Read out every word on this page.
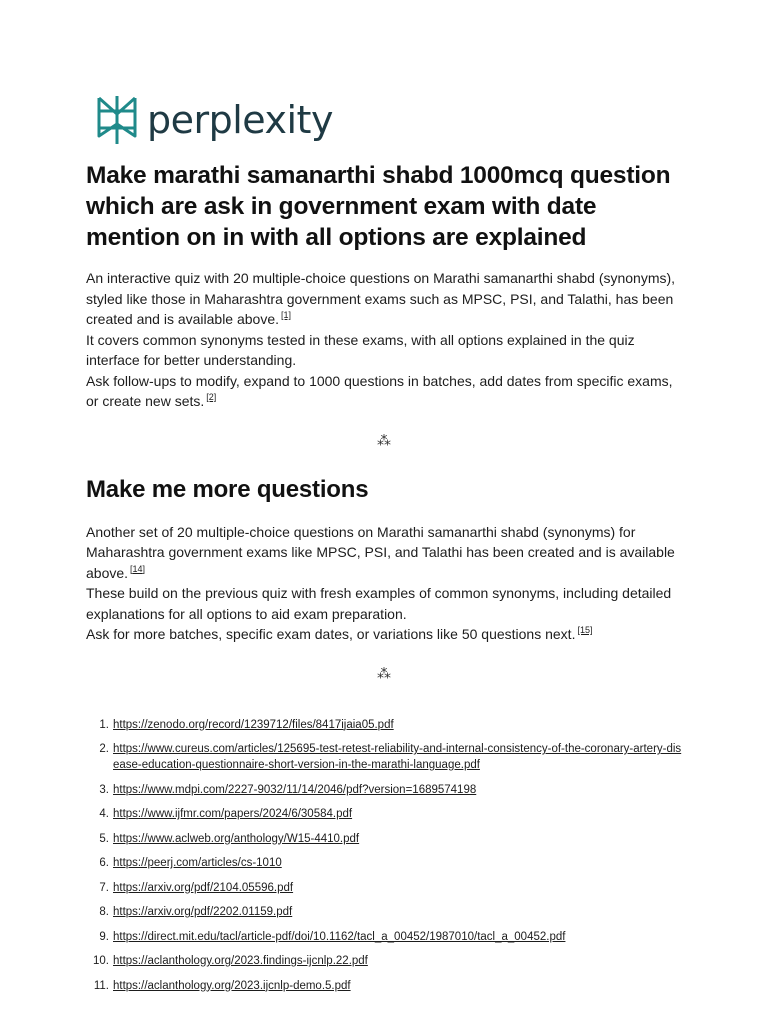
perplexity
Make marathi samanarthi shabd 1000mcq question which are ask in government exam with date mention on in with all options are explained

An interactive quiz with 20 multiple-choice questions on Marathi samanarthi shabd (synonyms), styled like those in Maharashtra government exams such as MPSC, PSI, and Talathi, has been created and is available above. [1]

It covers common synonyms tested in these exams, with all options explained in the quiz interface for better understanding.

Ask follow-ups to modify, expand to 1000 questions in batches, add dates from specific exams, or create new sets. [2]

⁂
Make me more questions

Another set of 20 multiple-choice questions on Marathi samanarthi shabd (synonyms) for Maharashtra government exams like MPSC, PSI, and Talathi has been created and is available above. [14]

These build on the previous quiz with fresh examples of common synonyms, including detailed explanations for all options to aid exam preparation.

Ask for more batches, specific exam dates, or variations like 50 questions next. [15]

⁂
1. https://zenodo.org/record/1239712/files/8417ijaia05.pdf
2. https://www.cureus.com/articles/125695-test-retest-reliability-and-internal-consistency-of-the-coronary-artery-disease-education-questionnaire-short-version-in-the-marathi-language.pdf
3. https://www.mdpi.com/2227-9032/11/14/2046/pdf?version=1689574198
4. https://www.ijfmr.com/papers/2024/6/30584.pdf
5. https://www.aclweb.org/anthology/W15-4410.pdf
6. https://peerj.com/articles/cs-1010
7. https://arxiv.org/pdf/2104.05596.pdf
8. https://arxiv.org/pdf/2202.01159.pdf
9. https://direct.mit.edu/tacl/article-pdf/doi/10.1162/tacl_a_00452/1987010/tacl_a_00452.pdf
10. https://aclanthology.org/2023.findings-ijcnlp.22.pdf
11. https://aclanthology.org/2023.ijcnlp-demo.5.pdf
